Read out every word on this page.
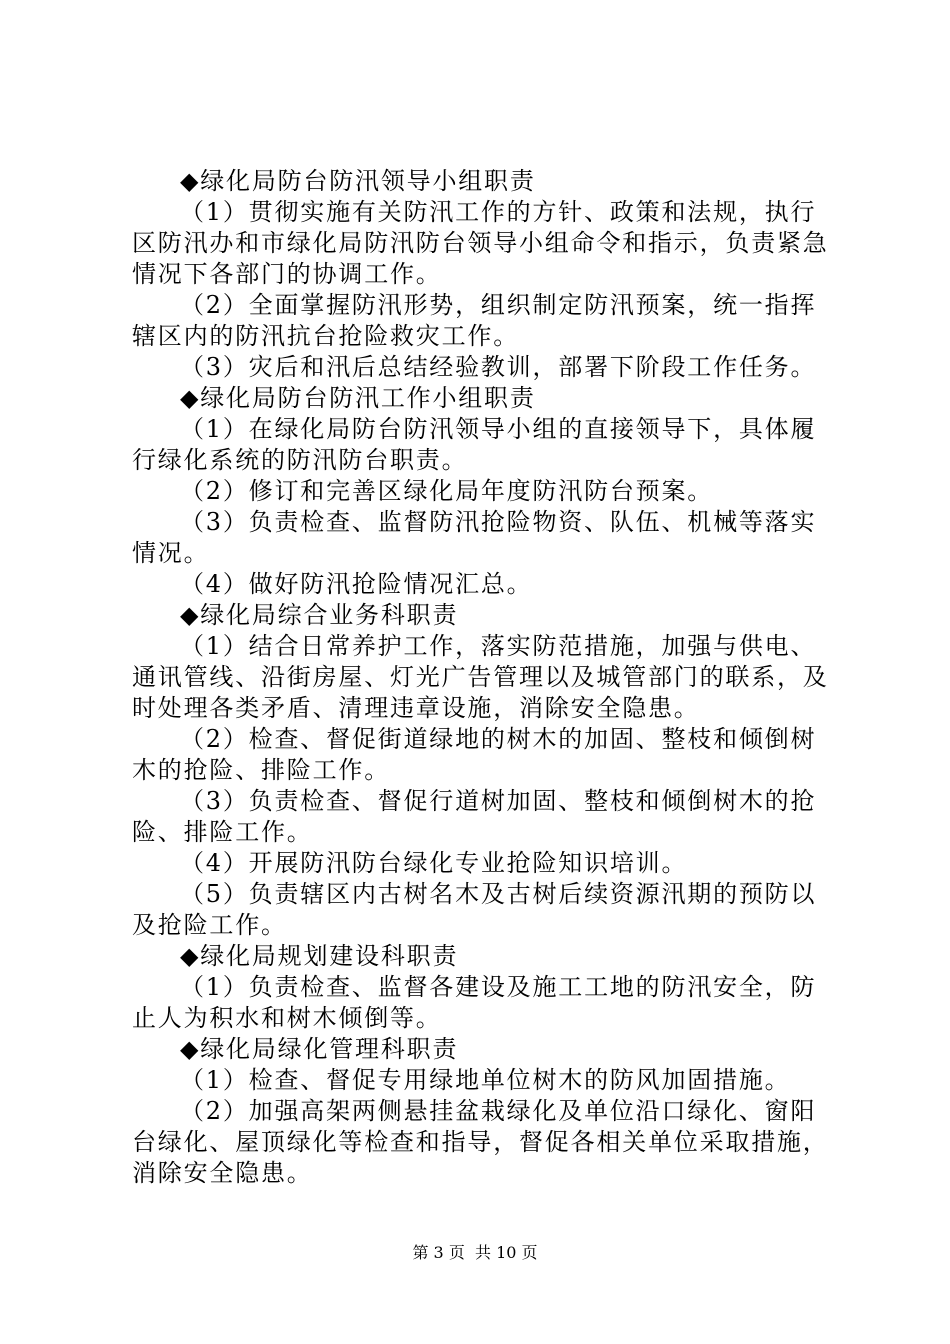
◆绿化局防台防汛领导小组职责

（1）贯彻实施有关防汛工作的方针、政策和法规，执行区防汛办和市绿化局防汛防台领导小组命令和指示，负责紧急情况下各部门的协调工作。

（2）全面掌握防汛形势，组织制定防汛预案，统一指挥辖区内的防汛抗台抢险救灾工作。

（3）灾后和汛后总结经验教训，部署下阶段工作任务。

◆绿化局防台防汛工作小组职责

（1）在绿化局防台防汛领导小组的直接领导下，具体履行绿化系统的防汛防台职责。

（2）修订和完善区绿化局年度防汛防台预案。

（3）负责检查、监督防汛抢险物资、队伍、机械等落实情况。

（4）做好防汛抢险情况汇总。

◆绿化局综合业务科职责

（1）结合日常养护工作，落实防范措施，加强与供电、通讯管线、沿街房屋、灯光广告管理以及城管部门的联系，及时处理各类矛盾、清理违章设施，消除安全隐患。

（2）检查、督促街道绿地的树木的加固、整枝和倾倒树木的抢险、排险工作。

（3）负责检查、督促行道树加固、整枝和倾倒树木的抢险、排险工作。

（4）开展防汛防台绿化专业抢险知识培训。

（5）负责辖区内古树名木及古树后续资源汛期的预防以及抢险工作。

◆绿化局规划建设科职责

（1）负责检查、监督各建设及施工工地的防汛安全，防止人为积水和树木倾倒等。

◆绿化局绿化管理科职责

（1）检查、督促专用绿地单位树木的防风加固措施。

（2）加强高架两侧悬挂盆栽绿化及单位沿口绿化、窗阳台绿化、屋顶绿化等检查和指导，督促各相关单位采取措施，消除安全隐患。

第 3 页  共 10 页
